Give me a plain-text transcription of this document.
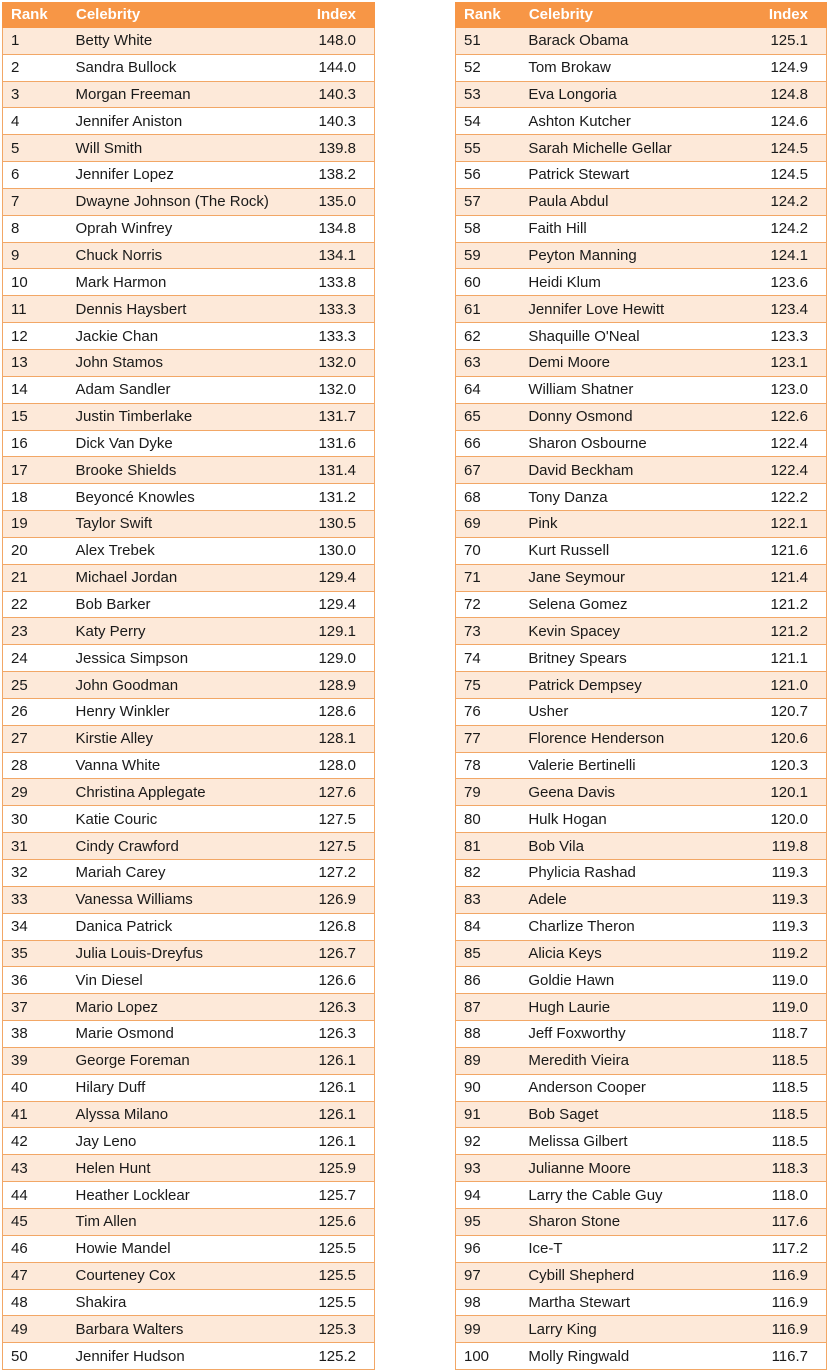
Rank	Celebrity	Index
1	Betty White	148.0
2	Sandra Bullock	144.0
3	Morgan Freeman	140.3
4	Jennifer Aniston	140.3
5	Will Smith	139.8
6	Jennifer Lopez	138.2
7	Dwayne Johnson (The Rock)	135.0
8	Oprah Winfrey	134.8
9	Chuck Norris	134.1
10	Mark Harmon	133.8
11	Dennis Haysbert	133.3
12	Jackie Chan	133.3
13	John Stamos	132.0
14	Adam Sandler	132.0
15	Justin Timberlake	131.7
16	Dick Van Dyke	131.6
17	Brooke Shields	131.4
18	Beyoncé Knowles	131.2
19	Taylor Swift	130.5
20	Alex Trebek	130.0
21	Michael Jordan	129.4
22	Bob Barker	129.4
23	Katy Perry	129.1
24	Jessica Simpson	129.0
25	John Goodman	128.9
26	Henry Winkler	128.6
27	Kirstie Alley	128.1
28	Vanna White	128.0
29	Christina Applegate	127.6
30	Katie Couric	127.5
31	Cindy Crawford	127.5
32	Mariah Carey	127.2
33	Vanessa Williams	126.9
34	Danica Patrick	126.8
35	Julia Louis-Dreyfus	126.7
36	Vin Diesel	126.6
37	Mario Lopez	126.3
38	Marie Osmond	126.3
39	George Foreman	126.1
40	Hilary Duff	126.1
41	Alyssa Milano	126.1
42	Jay Leno	126.1
43	Helen Hunt	125.9
44	Heather Locklear	125.7
45	Tim Allen	125.6
46	Howie Mandel	125.5
47	Courteney Cox	125.5
48	Shakira	125.5
49	Barbara Walters	125.3
50	Jennifer Hudson	125.2
Rank	Celebrity	Index
51	Barack Obama	125.1
52	Tom Brokaw	124.9
53	Eva Longoria	124.8
54	Ashton Kutcher	124.6
55	Sarah Michelle Gellar	124.5
56	Patrick Stewart	124.5
57	Paula Abdul	124.2
58	Faith Hill	124.2
59	Peyton Manning	124.1
60	Heidi Klum	123.6
61	Jennifer Love Hewitt	123.4
62	Shaquille O'Neal	123.3
63	Demi Moore	123.1
64	William Shatner	123.0
65	Donny Osmond	122.6
66	Sharon Osbourne	122.4
67	David Beckham	122.4
68	Tony Danza	122.2
69	Pink	122.1
70	Kurt Russell	121.6
71	Jane Seymour	121.4
72	Selena Gomez	121.2
73	Kevin Spacey	121.2
74	Britney Spears	121.1
75	Patrick Dempsey	121.0
76	Usher	120.7
77	Florence Henderson	120.6
78	Valerie Bertinelli	120.3
79	Geena Davis	120.1
80	Hulk Hogan	120.0
81	Bob Vila	119.8
82	Phylicia Rashad	119.3
83	Adele	119.3
84	Charlize Theron	119.3
85	Alicia Keys	119.2
86	Goldie Hawn	119.0
87	Hugh Laurie	119.0
88	Jeff Foxworthy	118.7
89	Meredith Vieira	118.5
90	Anderson Cooper	118.5
91	Bob Saget	118.5
92	Melissa Gilbert	118.5
93	Julianne Moore	118.3
94	Larry the Cable Guy	118.0
95	Sharon Stone	117.6
96	Ice-T	117.2
97	Cybill Shepherd	116.9
98	Martha Stewart	116.9
99	Larry King	116.9
100	Molly Ringwald	116.7
